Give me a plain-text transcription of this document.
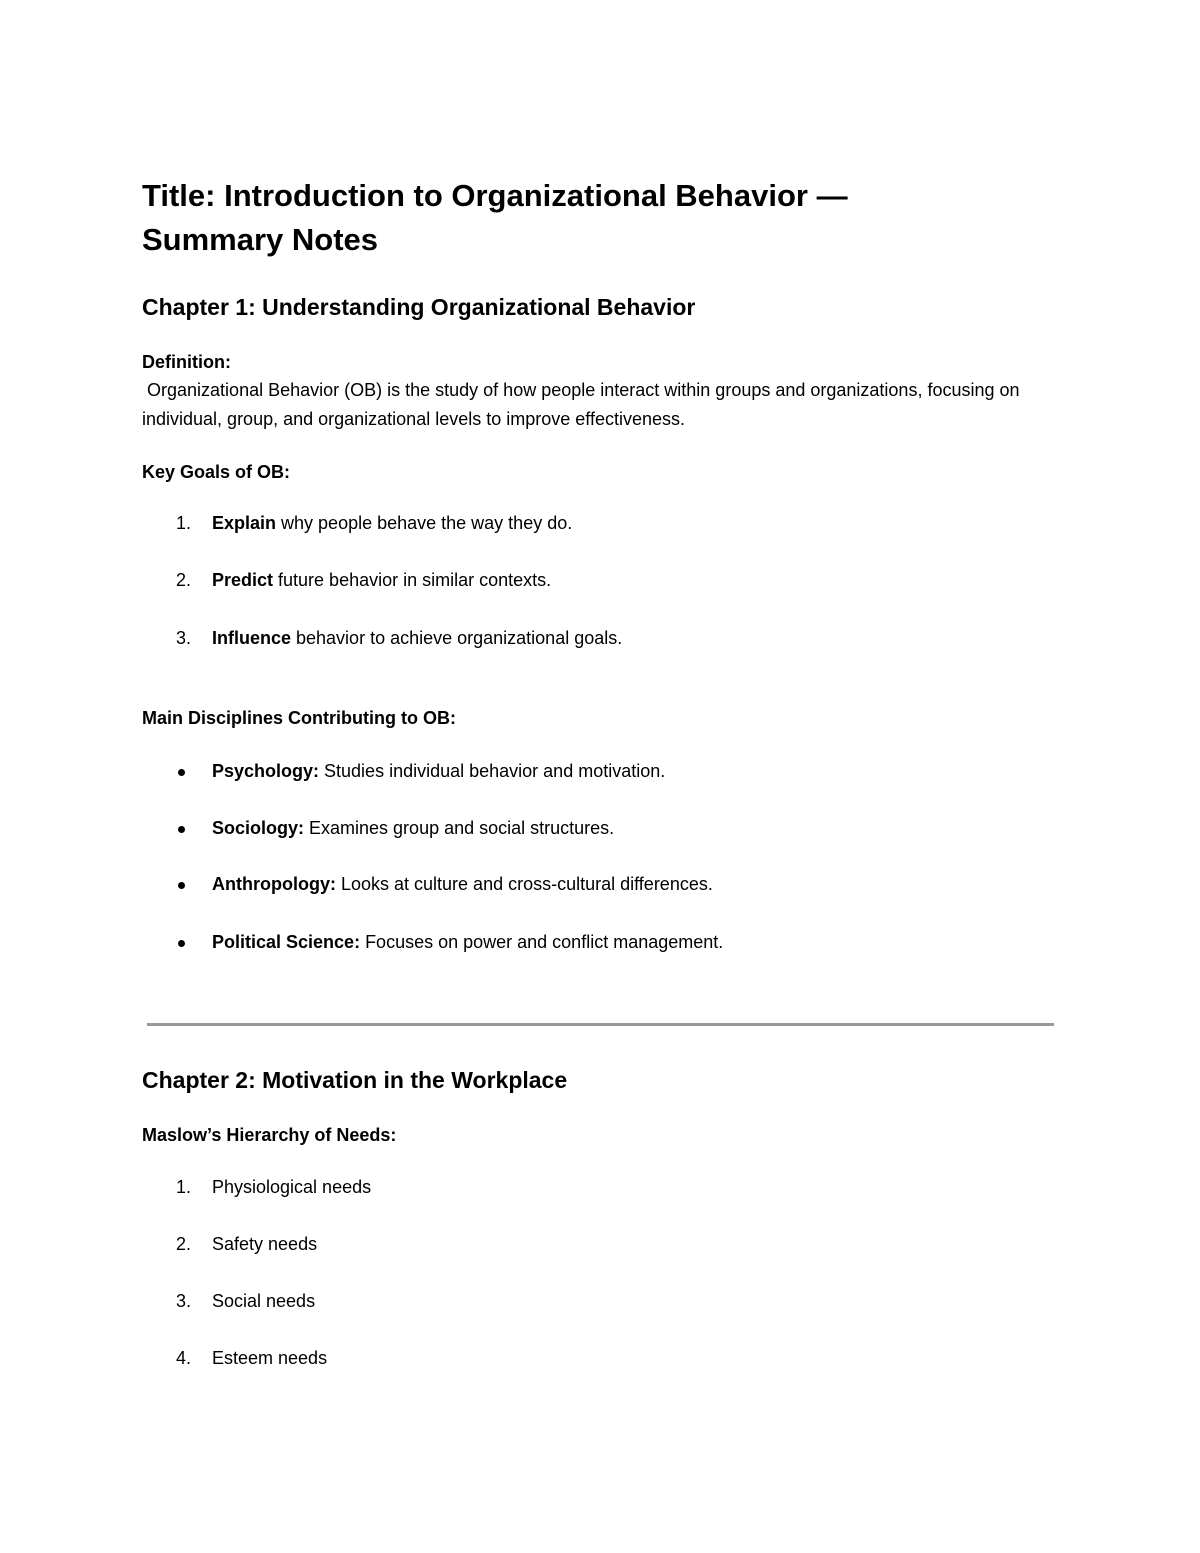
Title: Introduction to Organizational Behavior —
Summary Notes
Chapter 1: Understanding Organizational Behavior
Definition:
Organizational Behavior (OB) is the study of how people interact within groups and organizations, focusing on individual, group, and organizational levels to improve effectiveness.
Key Goals of OB:
1. Explain why people behave the way they do.
2. Predict future behavior in similar contexts.
3. Influence behavior to achieve organizational goals.
Main Disciplines Contributing to OB:
Psychology: Studies individual behavior and motivation.
Sociology: Examines group and social structures.
Anthropology: Looks at culture and cross-cultural differences.
Political Science: Focuses on power and conflict management.
Chapter 2: Motivation in the Workplace
Maslow’s Hierarchy of Needs:
1. Physiological needs
2. Safety needs
3. Social needs
4. Esteem needs
